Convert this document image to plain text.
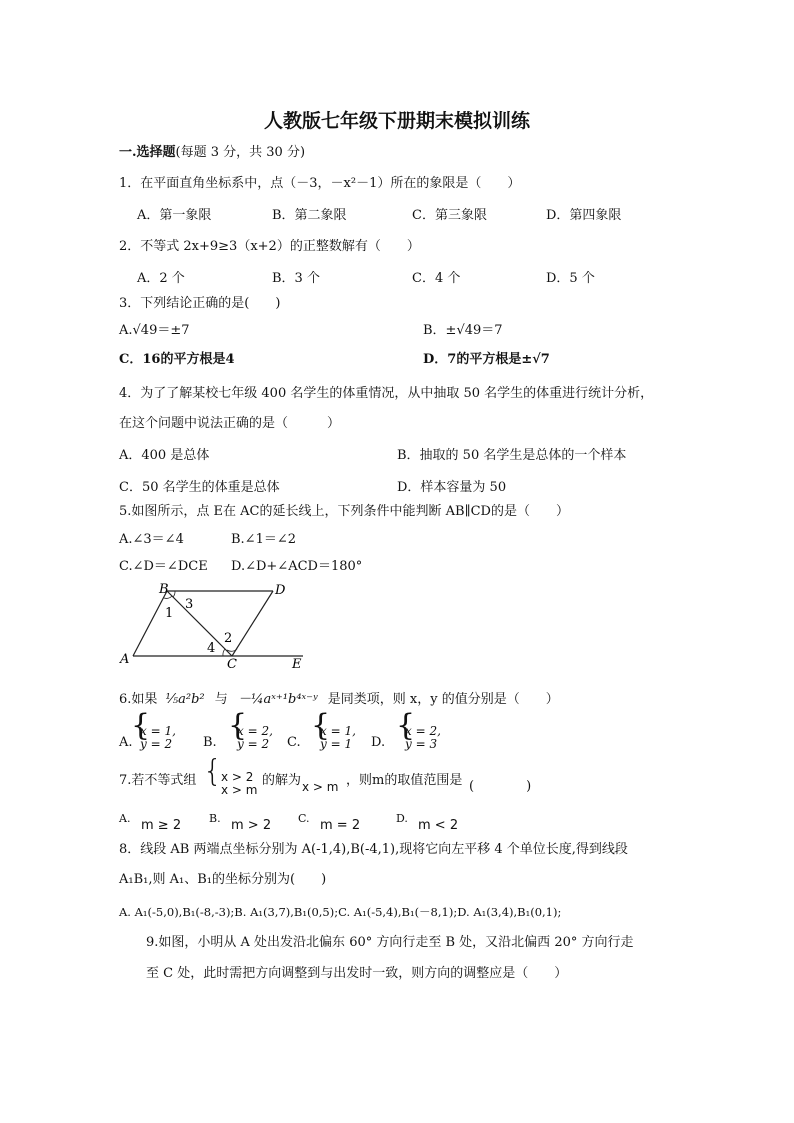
人教版七年级下册期末模拟训练
一.选择题(每题 3 分，共 30 分)
1．在平面直角坐标系中，点（－3，－x²－1）所在的象限是（　　）
A．第一象限	B．第二象限	C．第三象限	D．第四象限
2．不等式 2x+9≥3（x+2）的正整数解有（　　）
A．2 个	B．3 个	C．4 个	D．5 个
3．下列结论正确的是(　　)
A.√49＝±7	B．±√49＝7
C．16的平方根是4	D．7的平方根是±√7
4．为了了解某校七年级 400 名学生的体重情况，从中抽取 50 名学生的体重进行统计分析，
在这个问题中说法正确的是（　　　）
A．400 是总体	B．抽取的 50 名学生是总体的一个样本
C．50 名学生的体重是总体	D．样本容量为 50
5.如图所示，点 E在 AC的延长线上，下列条件中能判断 AB∥CD的是（　　）
A.∠3＝∠4	B.∠1＝∠2
C.∠D＝∠DCE D.∠D+∠ACD＝180°
B	D
A	C	E
1
3
2
4
6.如果 ⅕a²b² 与 －¼aˣ⁺¹b⁴ˣ⁻ʸ 是同类项，则 x，y 的值分别是（　　）
A.
{
x = 1,
y = 2 B. {
x = 2,
y = 2 C. {
x = 1,
y = 1 D. {
x = 2,
y = 3
7.若不等式组 {
x > 2
x > m
的解为 x > m ，则m的取值范围是 (　　　　)
A. m ≥ 2	B. m > 2 C. m = 2	D. m < 2
8．线段 AB 两端点坐标分别为 A(-1,4),B(-4,1),现将它向左平移 4 个单位长度,得到线段
A₁B₁,则 A₁、B₁的坐标分别为(　　)
A. A₁(-5,0),B₁(-8,-3);B. A₁(3,7),B₁(0,5);C. A₁(-5,4),B₁(－8,1);D. A₁(3,4),B₁(0,1);
9.如图，小明从 A 处出发沿北偏东 60° 方向行走至 B 处，又沿北偏西 20° 方向行走
至 C 处，此时需把方向调整到与出发时一致，则方向的调整应是（　　）
